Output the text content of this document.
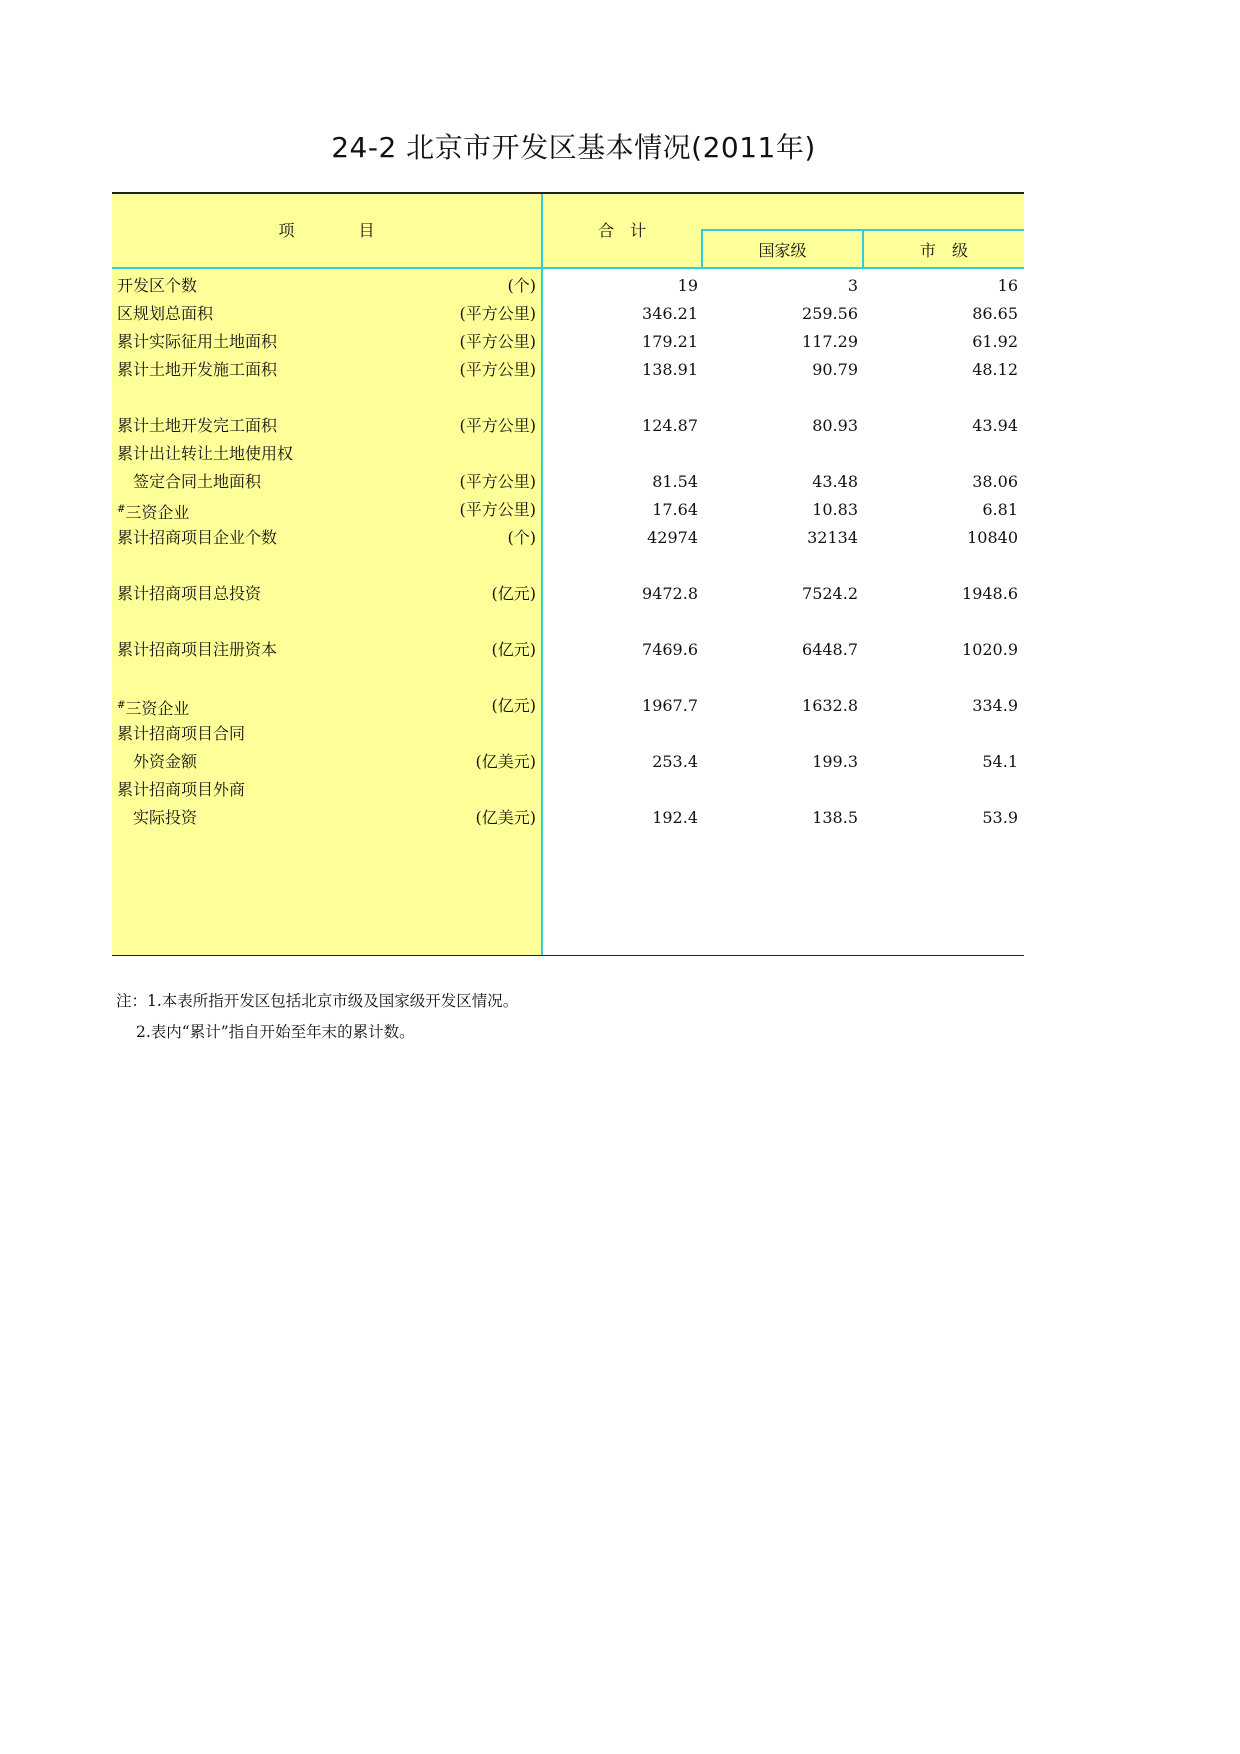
24-2 北京市开发区基本情况(2011年)
项　　　　目	合　计
国家级	市　级
开发区个数	(个)	19	3	16
区规划总面积	(平方公里)	346.21	259.56	86.65
累计实际征用土地面积	(平方公里)	179.21	117.29	61.92
累计土地开发施工面积	(平方公里)	138.91	90.79	48.12
累计土地开发完工面积	(平方公里)	124.87	80.93	43.94
累计出让转让土地使用权
签定合同土地面积	(平方公里)	81.54	43.48	38.06
#三资企业	(平方公里)	17.64	10.83	6.81
累计招商项目企业个数	(个)	42974	32134	10840
累计招商项目总投资	(亿元)	9472.8	7524.2	1948.6
累计招商项目注册资本	(亿元)	7469.6	6448.7	1020.9
#三资企业	(亿元)	1967.7	1632.8	334.9
累计招商项目合同
外资金额	(亿美元)	253.4	199.3	54.1
累计招商项目外商
实际投资	(亿美元)	192.4	138.5	53.9
注：1.本表所指开发区包括北京市级及国家级开发区情况。
2.表内“累计”指自开始至年末的累计数。
